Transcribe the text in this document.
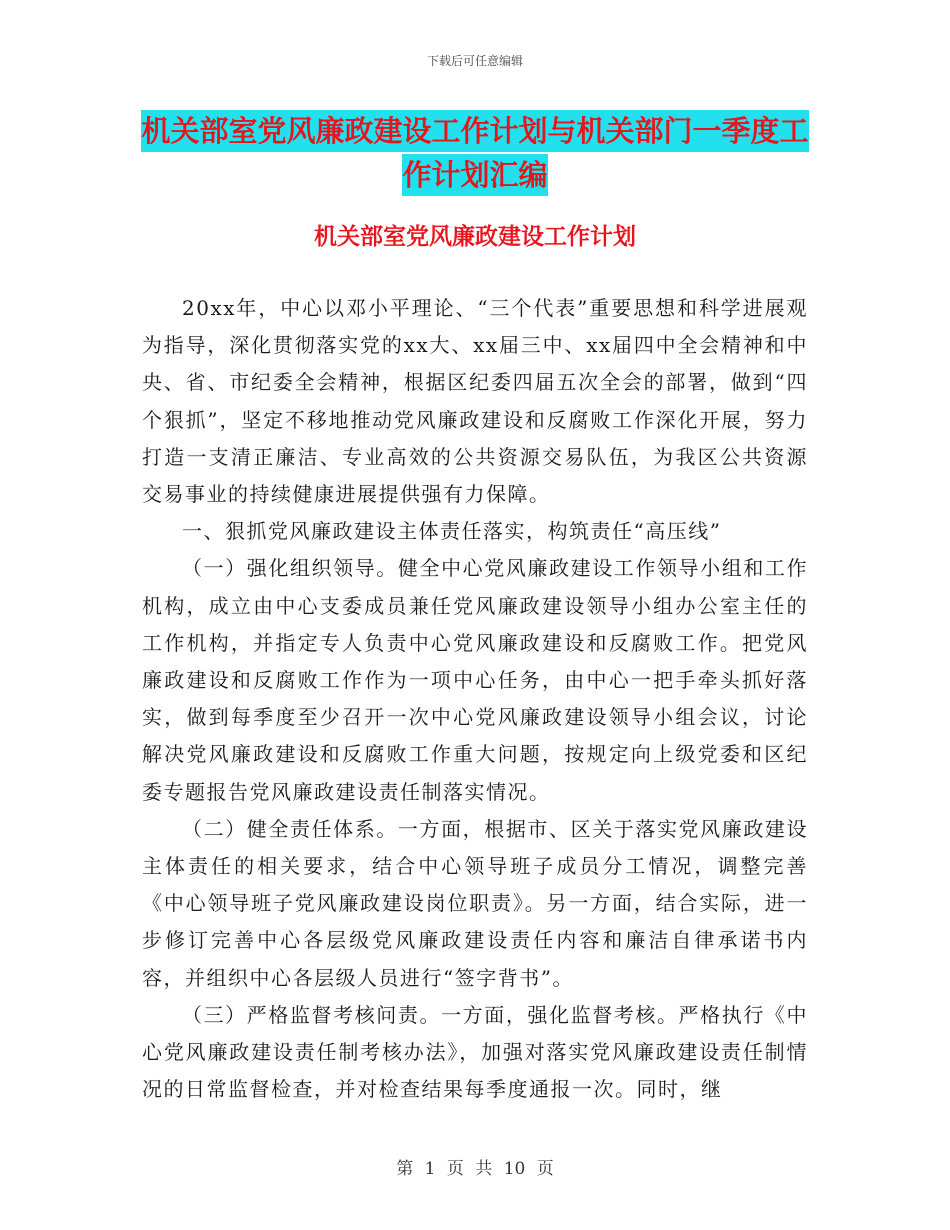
下载后可任意编辑
机关部室党风廉政建设工作计划与机关部门一季度工
作计划汇编
机关部室党风廉政建设工作计划

20xx年，中心以邓小平理论、“三个代表”重要思想和科学进展观为指导，深化贯彻落实党的xx大、xx届三中、xx届四中全会精神和中央、省、市纪委全会精神，根据区纪委四届五次全会的部署，做到“四个狠抓”，坚定不移地推动党风廉政建设和反腐败工作深化开展，努力打造一支清正廉洁、专业高效的公共资源交易队伍，为我区公共资源交易事业的持续健康进展提供强有力保障。

一、狠抓党风廉政建设主体责任落实，构筑责任“高压线”

（一）强化组织领导。健全中心党风廉政建设工作领导小组和工作机构，成立由中心支委成员兼任党风廉政建设领导小组办公室主任的工作机构，并指定专人负责中心党风廉政建设和反腐败工作。把党风廉政建设和反腐败工作作为一项中心任务，由中心一把手牵头抓好落实，做到每季度至少召开一次中心党风廉政建设领导小组会议，讨论解决党风廉政建设和反腐败工作重大问题，按规定向上级党委和区纪委专题报告党风廉政建设责任制落实情况。

（二）健全责任体系。一方面，根据市、区关于落实党风廉政建设主体责任的相关要求，结合中心领导班子成员分工情况，调整完善《中心领导班子党风廉政建设岗位职责》。另一方面，结合实际，进一步修订完善中心各层级党风廉政建设责任内容和廉洁自律承诺书内容，并组织中心各层级人员进行“签字背书”。

（三）严格监督考核问责。一方面，强化监督考核。严格执行《中心党风廉政建设责任制考核办法》，加强对落实党风廉政建设责任制情况的日常监督检查，并对检查结果每季度通报一次。同时，继

第 1 页 共 10 页
